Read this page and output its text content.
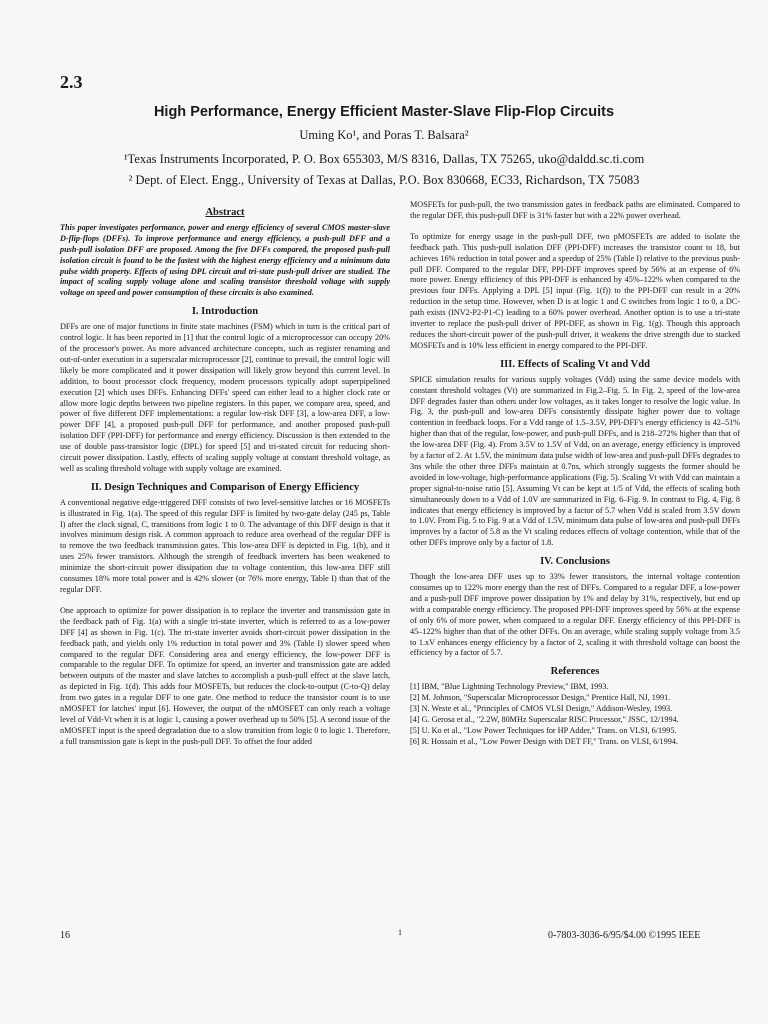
2.3
High Performance, Energy Efficient Master-Slave Flip-Flop Circuits
Uming Ko¹, and Poras T. Balsara²
¹Texas Instruments Incorporated, P. O. Box 655303, M/S 8316, Dallas, TX 75265, uko@daldd.sc.ti.com
² Dept. of Elect. Engg., University of Texas at Dallas, P.O. Box 830668, EC33, Richardson, TX 75083
Abstract

This paper investigates performance, power and energy efficiency of several CMOS master-slave D-flip-flops (DFFs). To improve performance and energy efficiency, a push-pull DFF and a push-pull isolation DFF are proposed. Among the five DFFs compared, the proposed push-pull isolation circuit is found to be the fastest with the highest energy efficiency and a minimum data pulse width property. Effects of using DPL circuit and tri-state push-pull driver are studied. The impact of scaling supply voltage alone and scaling transistor threshold voltage with supply voltage on speed and power consumption of these circuits is also examined.

I. Introduction

DFFs are one of major functions in finite state machines (FSM) which in turn is the critical part of control logic. It has been reported in [1] that the control logic of a microprocessor can occupy 20% of the processor's power. As more advanced architecture concepts, such as register renaming and out-of-order execution in a superscalar microprocessor [2], continue to prevail, the control logic will likely be more complicated and it power dissipation will likely grow beyond this current level. In addition, to boost processor clock frequency, modern processors typically adopt superpipelined execution [2] which uses DFFs. Enhancing DFFs' speed can either lead to a higher clock rate or allow more logic depths between two pipeline registers. In this paper, we compare area, speed, and power of five different DFF implementations: a regular low-risk DFF [3], a low-area DFF, a low-power DFF [4], a proposed push-pull DFF for performance, and another proposed push-pull isolation DFF (PPI-DFF) for performance and energy efficiency. Discussion is then extended to the use of double pass-transistor logic (DPL) for speed [5] and tri-stated circuit for reducing short-circuit power dissipation. Lastly, effects of scaling supply voltage at constant threshold voltage, as well as scaling threshold voltage with supply voltage are examined.

II. Design Techniques and Comparison of Energy Efficiency

A conventional negative edge-triggered DFF consists of two level-sensitive latches or 16 MOSFETs is illustrated in Fig. 1(a). The speed of this regular DFF is limited by two-gate delay (245 ps, Table I) after the clock signal, C, transitions from logic 1 to 0. The advantage of this DFF design is that it involves minimum design risk. A common approach to reduce area overhead of the regular DFF is to remove the two feedback transmission gates. This low-area DFF is depicted in Fig. 1(b), and it uses 25% fewer transistors. Although the strength of feedback inverters has been weakened to minimize the short-circuit power dissipation due to voltage contention, this low-area DFF still consumes 18% more total power and is 42% slower (or 76% more energy, Table I) than that of the regular DFF.

One approach to optimize for power dissipation is to replace the inverter and transmission gate in the feedback path of Fig. 1(a) with a single tri-state inverter, which is referred to as a low-power DFF [4] as shown in Fig. 1(c). The tri-state inverter avoids short-circuit power dissipation in the feedback path, and yields only 1% reduction in total power and 3% (Table I) slower speed when compared to the regular DFF. Considering area and energy efficiency, the low-power DFF is comparable to the regular DFF. To optimize for speed, an inverter and transmission gate are added between outputs of the master and slave latches to accomplish a push-pull effect at the slave latch, as depicted in Fig. 1(d). This adds four MOSFETs, but reduces the clock-to-output (C-to-Q) delay from two gates in a regular DFF to one gate. One method to reduce the transistor count is to use nMOSFET for latches' input [6]. However, the output of the nMOSFET can only reach a voltage level of Vdd-Vt when it is at logic 1, causing a power overhead up to 50% [5]. A second issue of the nMOSFET input is the speed degradation due to a slow transition from logic 0 to logic 1. Therefore, a full transmission gate is kept in the push-pull DFF. To offset the four added

MOSFETs for push-pull, the two transmission gates in feedback paths are eliminated. Compared to the regular DFF, this push-pull DFF is 31% faster but with a 22% power overhead.

To optimize for energy usage in the push-pull DFF, two pMOSFETs are added to isolate the feedback path. This push-pull isolation DFF (PPI-DFF) increases the transistor count to 18, but achieves 16% reduction in total power and a speedup of 25% (Table I) relative to the previous push-pull DFF. Compared to the regular DFF, PPI-DFF improves speed by 56% at an expense of 6% more power. Energy efficiency of this PPI-DFF is enhanced by 45%–122% when compared to the previous four DFFs. Applying a DPL [5] input (Fig. 1(f)) to the PPI-DFF can result in a 20% reduction in the setup time. However, when D is at logic 1 and C switches from logic 1 to 0, a DC-path exists (INV2-P2-P1-C) leading to a 60% power overhead. Another option is to use a tri-state inverter to replace the push-pull driver of PPI-DFF, as shown in Fig. 1(g). Though this approach reduces the short-circuit power of the push-pull driver, it weakens the drive strength due to stacked MOSFETs and is 10% less efficient in energy compared to the PPI-DFF.

III. Effects of Scaling Vt and Vdd

SPICE simulation results for various supply voltages (Vdd) using the same device models with constant threshold voltages (Vt) are summarized in Fig.2–Fig. 5. In Fig. 2, speed of the low-area DFF degrades faster than others under low voltages, as it takes longer to resolve the logic value. In Fig. 3, the push-pull and low-area DFFs consistently dissipate higher power due to voltage contention in feedback loops. For a Vdd range of 1.5–3.5V, PPI-DFF's energy efficiency is 42–51% higher than that of the regular, low-power, and push-pull DFFs, and is 218–272% higher than that of the low-area DFF (Fig. 4). From 3.5V to 1.5V of Vdd, on an average, energy efficiency is improved by a factor of 2. At 1.5V, the minimum data pulse width of low-area and push-pull DFFs degrades to 3ns while the other three DFFs maintain at 0.7ns, which strongly suggests the former should be avoided in low-voltage, high-performance applications (Fig. 5). Scaling Vt with Vdd can maintain a proper signal-to-noise ratio [5]. Assuming Vt can be kept at 1/5 of Vdd, the effects of scaling both simultaneously down to a Vdd of 1.0V are summarized in Fig. 6–Fig. 9. In contrast to Fig. 4, Fig. 8 indicates that energy efficiency is improved by a factor of 5.7 when Vdd is scaled from 3.5V down to 1.0V. From Fig. 5 to Fig. 9 at a Vdd of 1.5V, minimum data pulse of low-area and push-pull DFFs improves by a factor of 5.8 as the Vt scaling reduces effects of voltage contention, while that of the other DFFs improve only by a factor of 1.8.

IV. Conclusions

Though the low-area DFF uses up to 33% fewer transistors, the internal voltage contention consumes up to 122% more energy than the rest of DFFs. Compared to a regular DFF, a low-power and a push-pull DFF improve power dissipation by 1% and delay by 31%, respectively, but end up with a comparable energy efficiency. The proposed PPI-DFF improves speed by 56% at the expense of only 6% of more power, when compared to a regular DFF. Energy efficiency of this PPI-DFF is 45–122% higher than that of the other DFFs. On an average, while scaling supply voltage from 3.5 to 1.xV enhances energy efficiency by a factor of 2, scaling it with threshold voltage can boost the efficiency by a factor of 5.7.

References
[1] IBM, "Blue Lightning Technology Preview," IBM, 1993.
[2] M. Johnson, "Superscalar Microprocessor Design," Prentice Hall, NJ, 1991.
[3] N. Weste et al., "Principles of CMOS VLSI Design," Addison-Wesley, 1993.
[4] G. Gerosa et al., "2.2W, 80MHz Superscalar RISC Processor," JSSC, 12/1994.
[5] U. Ko et al., "Low Power Techniques for HP Adder," Trans. on VLSI, 6/1995.
[6] R. Hossain et al., "Low Power Design with DET FF," Trans. on VLSI, 6/1994.
16	1	0-7803-3036-6/95/$4.00 ©1995 IEEE
